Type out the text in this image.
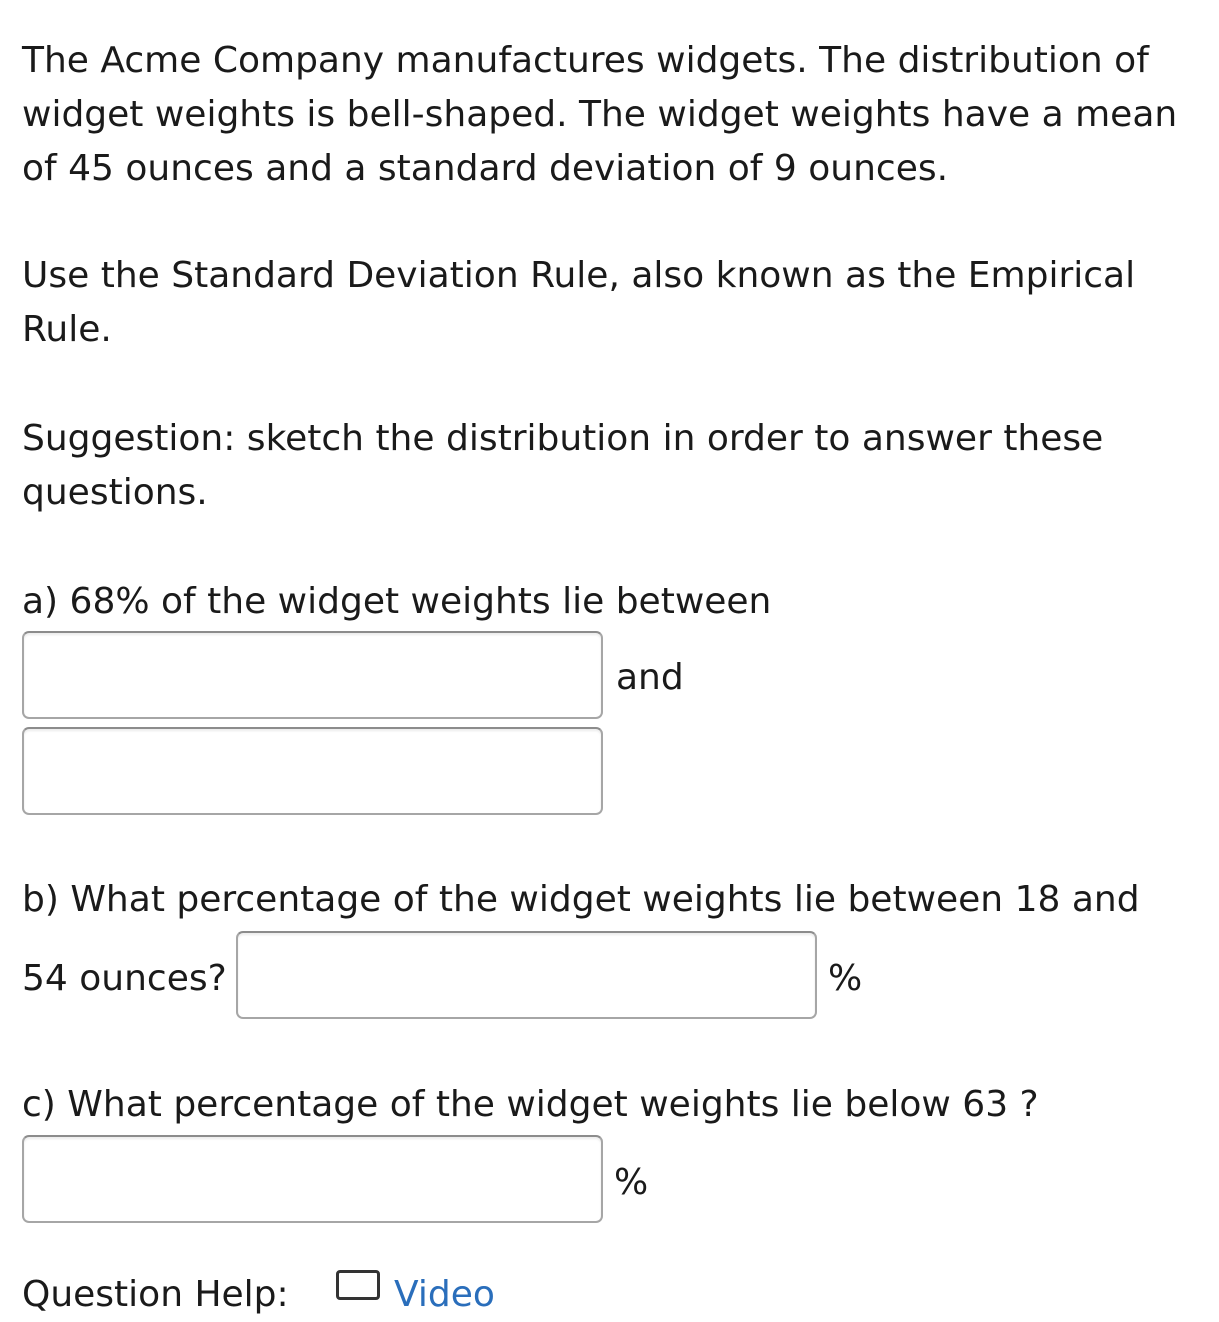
The Acme Company manufactures widgets. The distribution of widget weights is bell-shaped. The widget weights have a mean of 45 ounces and a standard deviation of 9 ounces.

Use the Standard Deviation Rule, also known as the Empirical Rule.

Suggestion: sketch the distribution in order to answer these questions.

a) 68% of the widget weights lie between

and

b) What percentage of the widget weights lie between 18 and

54 ounces?	%

c) What percentage of the widget weights lie below 63 ?

%
Question Help:	Video
